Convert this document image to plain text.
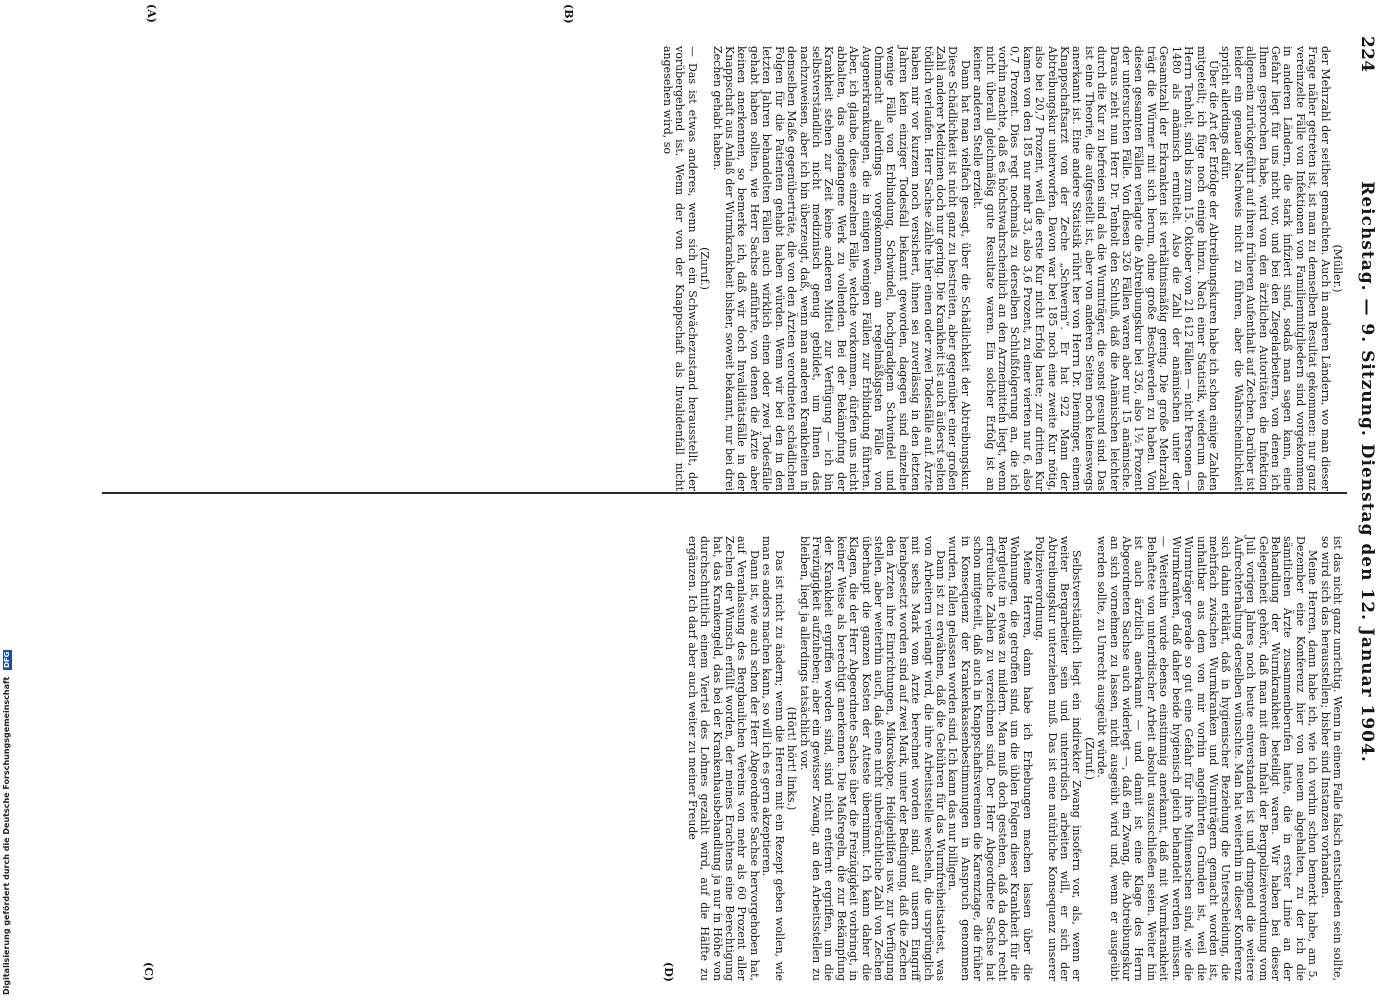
224
Reichstag. — 9. Sitzung. Dienstag den 12. Januar 1904.
(A)	(B)
(C)	(D)

(Müller.)

der Mehrzahl der seither gemachten. Auch in anderen Ländern, wo man dieser Frage näher getreten ist, ist man zu demselben Resultat gekommen: nur ganz vereinzelte Fälle von Infektionen von Familienmitgliedern sind vorgekommen in anderen Ländern, die stark infiziert sind, sodaß man sagen kann, eine Gefahr liegt für uns nicht vor, und bei den Ziegelarbeitern, von denen ich Ihnen gesprochen habe, wird von den ärztlichen Autoritäten die Infektion allgemein zurückgeführt auf ihren früheren Aufenthalt auf Zechen. Darüber ist leider ein genauer Nachweis nicht zu führen, aber die Wahrscheinlichkeit spricht allerdings dafür.

Über die Art der Erfolge der Abtreibungskuren habe ich schon einige Zahlen mitgeteilt; ich füge noch einige hinzu. Nach einer Statistik, wiederum des Herrn Tenholt, sind bis zum 15. Oktober von 21 612 Fällen — nicht Personen — 1480 als anämisch ermittelt. Also die Zahl der anämischen unter der Gesamtzahl der Erkrankten ist verhältnismäßig gering. Die große Mehrzahl trägt die Würmer mit sich herum, ohne große Beschwerden zu haben. Von diesen gesamten Fällen verlagte die Abtreibungskur bei 326, also 1½ Prozent der untersuchten Fälle. Von diesen 326 Fällen waren aber nur 15 anämische. Daraus zieht nun Herr Dr. Tenholt den Schluß, daß die Anämischen leichter durch die Kur zu befreien sind als die Wurmträger, die sonst gesund sind. Das ist eine Theorie, die aufgestellt ist, aber von anderen Seiten noch keineswegs anerkannt ist. Eine andere Statistik rührt her von Herrn Dr. Dieminger, einem Knappschaftsarzt von der Zeche „Schwerin“. Er hat 922 Mann der Abtreibungskur unterworfen. Davon war bei 185 noch eine zweite Kur nötig, also bei 20,7 Prozent, weil die erste Kur nicht Erfolg hatte; zur dritten Kur kamen von den 185 nur mehr 33, also 3,6 Prozent, zu einer vierten nur 6, also 0,7 Prozent. Dies regt nochmals zu derselben Schlußfolgerung an, die ich vorhin machte, daß es höchstwahrscheinlich an den Arzneimitteln liegt, wenn nicht überall gleichmäßig gute Resultate waren. Ein solcher Erfolg ist an keiner anderen Stelle erzielt.

Dann hat man vielfach gesagt, über die Schädlichkeit der Abtreibungskur. Diese Schädlichkeit ist nicht ganz zu bestreiten, aber gegenüber einer großen Zahl anderer Medizinen doch nur gering. Die Krankheit ist auch äußerst selten tödlich verlaufen. Herr Sachse zählte hier einen oder zwei Todesfälle auf. Ärzte haben mir vor kurzem noch versichert, ihnen sei zuverlässig in den letzten Jahren kein einziger Todesfall bekannt geworden, dagegen sind einzelne wenige Fälle von Erblindung, Schwindel, hochgradigem Schwindel und Ohnmacht allerdings vorgekommen, am regelmäßigsten Fälle von Augenerkrankungen, die in einigen wenigen Fällen zur Erblindung führten. Aber, ich glaube, diese einzelnen Fälle, welche vorkommen, dürfen uns nicht abhalten, das angefangene Werk zu vollenden. Bei der Bekämpfung der Krankheit stehen zur Zeit keine anderen Mittel zur Verfügung — ich bin selbstverständlich nicht medizinisch genug gebildet, um Ihnen das nachzuweisen, aber ich bin überzeugt, daß, wenn man anderen Krankheiten in demselben Maße gegenüberträte, die von den Ärzten verordneten schädlichen Folgen für die Patienten gehabt haben würden. Wenn wir bei den in den letzten Jahren behandelten Fällen auch wirklich einen oder zwei Todesfälle gehabt haben sollten, wie Herr Sachse anführte, von denen die Ärzte aber keinen anerkennen, so bemerke ich, daß wir doch Invaliditätsfälle in der Knappschaft aus Anlaß der Wurmkrankheit bisher, soweit bekannt, nur bei drei Zechen gehabt haben.

(Zuruf.)

— Das ist etwas anderes, wenn sich ein Schwächezustand herausstellt, der vorübergehend ist. Wenn der von der Knappschaft als Invalidenfall nicht angesehen wird, so

ist das nicht ganz unrichtig. Wenn in einem Falle falsch entschieden sein sollte, so wird sich das herausstellen; bisher sind Instanzen vorhanden.

Meine Herren, dann habe ich, wie ich vorhin schon bemerkt habe, am 5. Dezember eine Konferenz hier von neuem abgehalten, zu der ich die sämtlichen Ärzte zusammenberufen hatte, die in erster Linie an der Behandlung der Wurmkrankheit beteiligt waren. Wir haben bei dieser Gelegenheit gehört, daß man mit dem Inhalt der Bergpolizeiverordnung vom Juli vorigen Jahres noch heute einverstanden ist und dringend die weitere Aufrechterhaltung derselben wünschte. Man hat weiterhin in dieser Konferenz sich dahin erklärt, daß in hygienischer Beziehung die Unterscheidung, die mehrfach zwischen Wurmkranken und Wurmträgern gemacht worden ist, unhaltbar aus dem von mir vorhin angeführten Gründen ist, weil die Wurmträger gerade so gut eine Gefahr für ihre Mitmenschen sind, wie die Wurmkranken, daß daher beide hygienisch gleich behandelt werden müssen. — Weiterhin wurde ebenso einstimmig anerkannt, daß mit Wurmkrankheit Behaftete von unterirdischer Arbeit absolut auszuschließen seien. Weiter hin ist auch ärztlich anerkannt — und damit ist eine Klage des Herrn Abgeordneten Sachse auch widerlegt —, daß ein Zwang, die Abtreibungskur an sich vornehmen zu lassen, nicht ausgeübt wird und, wenn er ausgeübt werden sollte, zu Unrecht ausgeübt würde.

(Zuruf.)

Selbstverständlich liegt ein indirekter Zwang insofern vor, als, wenn er weiter Bergarbeiter sein und unterirdisch arbeiten will, er sich der Abtreibungskur unterziehen muß. Das ist eine natürliche Konsequenz unserer Polizeiverordnung.

Meine Herren, dann habe ich Erhebungen machen lassen über die Wohnungen, die getroffen sind, um die üblen Folgen dieser Krankheit für die Bergleute in etwas zu mildern. Man muß doch gestehen, daß da doch recht erfreuliche Zahlen zu verzeichnen sind. Der Herr Abgeordnete Sachse hat schon mitgeteilt, daß auch in Knappschaftsvereinen die Karenztage, die früher in Konsequenz der Krankenkassenbestimmungen in Anspruch genommen wurden, fallen gelassen worden sind. Ich kann das nur billigen.

Dann ist zu erwähnen, daß die Gebühren für das Wurmfreiheitsattest, was von Arbeitern verlangt wird, die ihre Arbeitsstelle wechseln, die ursprünglich mit sechs Mark vom Arzte berechnet worden sind, auf unsern Eingriff herabgesetzt worden sind auf zwei Mark, unter der Bedingung, daß die Zechen den Ärzten ihre Einrichtungen, Mikroskope, Heilgehilfen usw. zur Verfügung stellen, aber weiterhin auch, daß eine nicht unbeträchtliche Zahl von Zechen überhaupt die ganzen Kosten der Atteste übernimmt. Ich kann daher die Klagen, die der Herr Abgeordnete Sachse über die Freizügigkeit vorbringt, in keiner Weise als berechtigt anerkennen. Die Maßregeln, die zur Bekämpfung der Krankheit ergriffen worden sind, sind nicht entfernt ergriffen, um die Freizügigkeit aufzuheben; aber ein gewisser Zwang, an den Arbeitsstellen zu bleiben, liegt ja allerdings tatsächlich vor.

(Hört! hört! links.)

Das ist nicht zu ändern; wenn die Herren mit ein Rezept geben wollen, wie man es anders machen kann, so will ich es gern akzeptieren.

Dann ist, wie auch schon der Herr Abgeordnete Sachse hervorgehoben hat, auf Veranlassung des Bergbaulichen Vereins von mehr als 60 Prozent aller Zechen der Wunsch erfüllt worden, der meines Erachtens eine Berechtigung hat, das Krankengeld, das bei der Krankenhausbehandlung ja nur in Höhe von durchschnittlich einem Viertel des Lohnes gezahlt wird, auf die Hälfte zu ergänzen. Ich darf aber auch weiter zu meiner Freude

Digitalisierung gefördert durch die Deutsche Forschungsgemeinschaft DFG
